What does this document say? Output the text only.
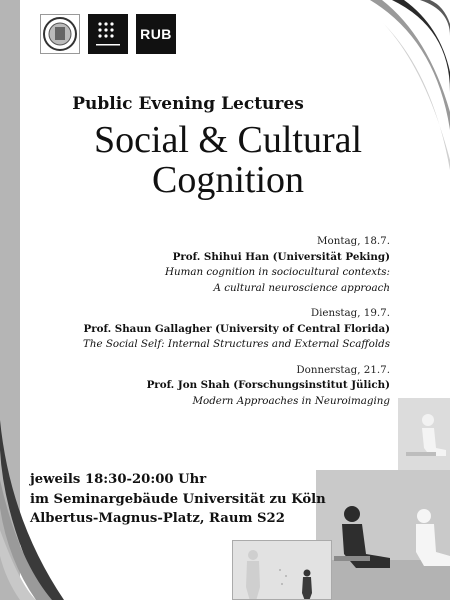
RUB
Public Evening Lectures
Social & Cultural
Cognition
Montag, 18.7.
Prof. Shihui Han (Universität Peking)
Human cognition in sociocultural contexts:
A cultural neuroscience approach
Dienstag, 19.7.
Prof. Shaun Gallagher (University of Central Florida)
The Social Self: Internal Structures and External Scaffolds
Donnerstag, 21.7.
Prof. Jon Shah (Forschungsinstitut Jülich)
Modern Approaches in Neuroimaging
jeweils 18:30-20:00 Uhr
im Seminargebäude Universität zu Köln
Albertus-Magnus-Platz, Raum S22
